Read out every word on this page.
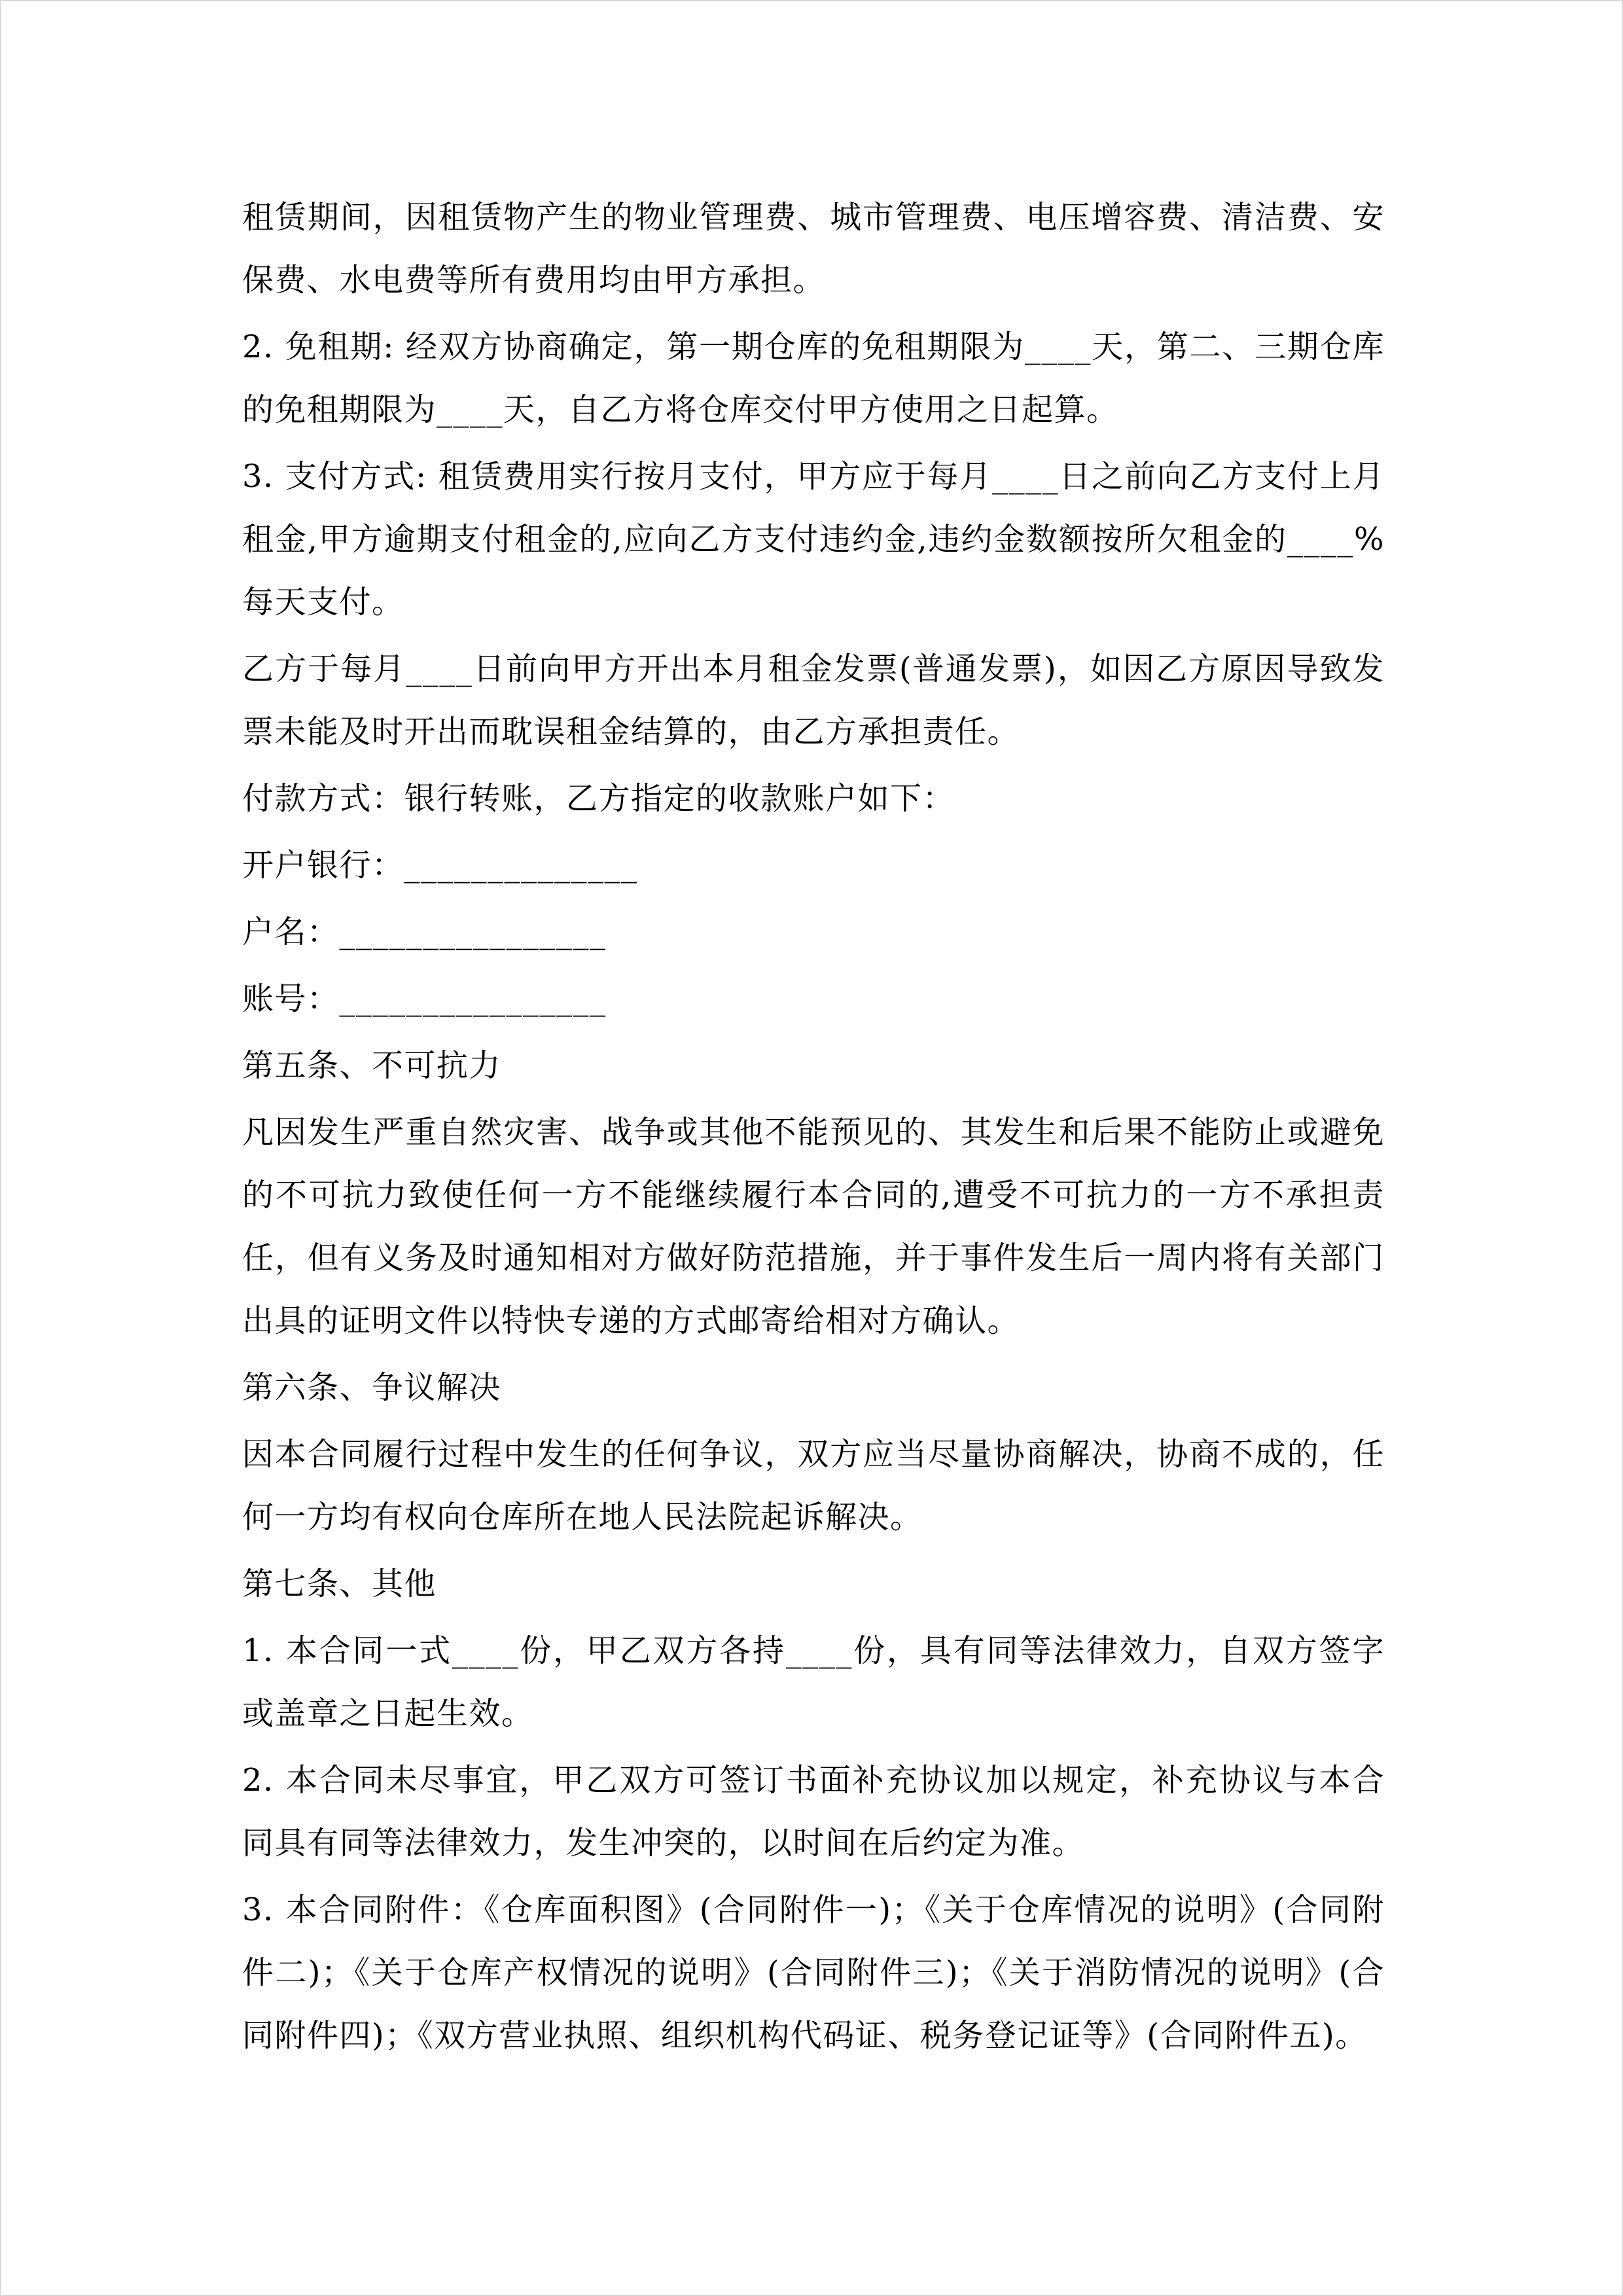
租赁期间，因租赁物产生的物业管理费、城市管理费、电压增容费、清洁费、安保费、水电费等所有费用均由甲方承担。

2. 免租期: 经双方协商确定，第一期仓库的免租期限为____天，第二、三期仓库的免租期限为____天，自乙方将仓库交付甲方使用之日起算。

3. 支付方式: 租赁费用实行按月支付，甲方应于每月____日之前向乙方支付上月租金,甲方逾期支付租金的,应向乙方支付违约金,违约金数额按所欠租金的____%每天支付。

乙方于每月____日前向甲方开出本月租金发票(普通发票)，如因乙方原因导致发票未能及时开出而耽误租金结算的，由乙方承担责任。

付款方式：银行转账，乙方指定的收款账户如下：

开户银行：______________

户名：________________

账号：________________

第五条、不可抗力

凡因发生严重自然灾害、战争或其他不能预见的、其发生和后果不能防止或避免的不可抗力致使任何一方不能继续履行本合同的,遭受不可抗力的一方不承担责任，但有义务及时通知相对方做好防范措施，并于事件发生后一周内将有关部门出具的证明文件以特快专递的方式邮寄给相对方确认。

第六条、争议解决

因本合同履行过程中发生的任何争议，双方应当尽量协商解决，协商不成的，任何一方均有权向仓库所在地人民法院起诉解决。

第七条、其他

1. 本合同一式____份，甲乙双方各持____份，具有同等法律效力，自双方签字或盖章之日起生效。

2. 本合同未尽事宜，甲乙双方可签订书面补充协议加以规定，补充协议与本合同具有同等法律效力，发生冲突的，以时间在后约定为准。

3. 本合同附件：《仓库面积图》(合同附件一)；《关于仓库情况的说明》(合同附件二)；《关于仓库产权情况的说明》(合同附件三)；《关于消防情况的说明》(合同附件四)；《双方营业执照、组织机构代码证、税务登记证等》(合同附件五)。
